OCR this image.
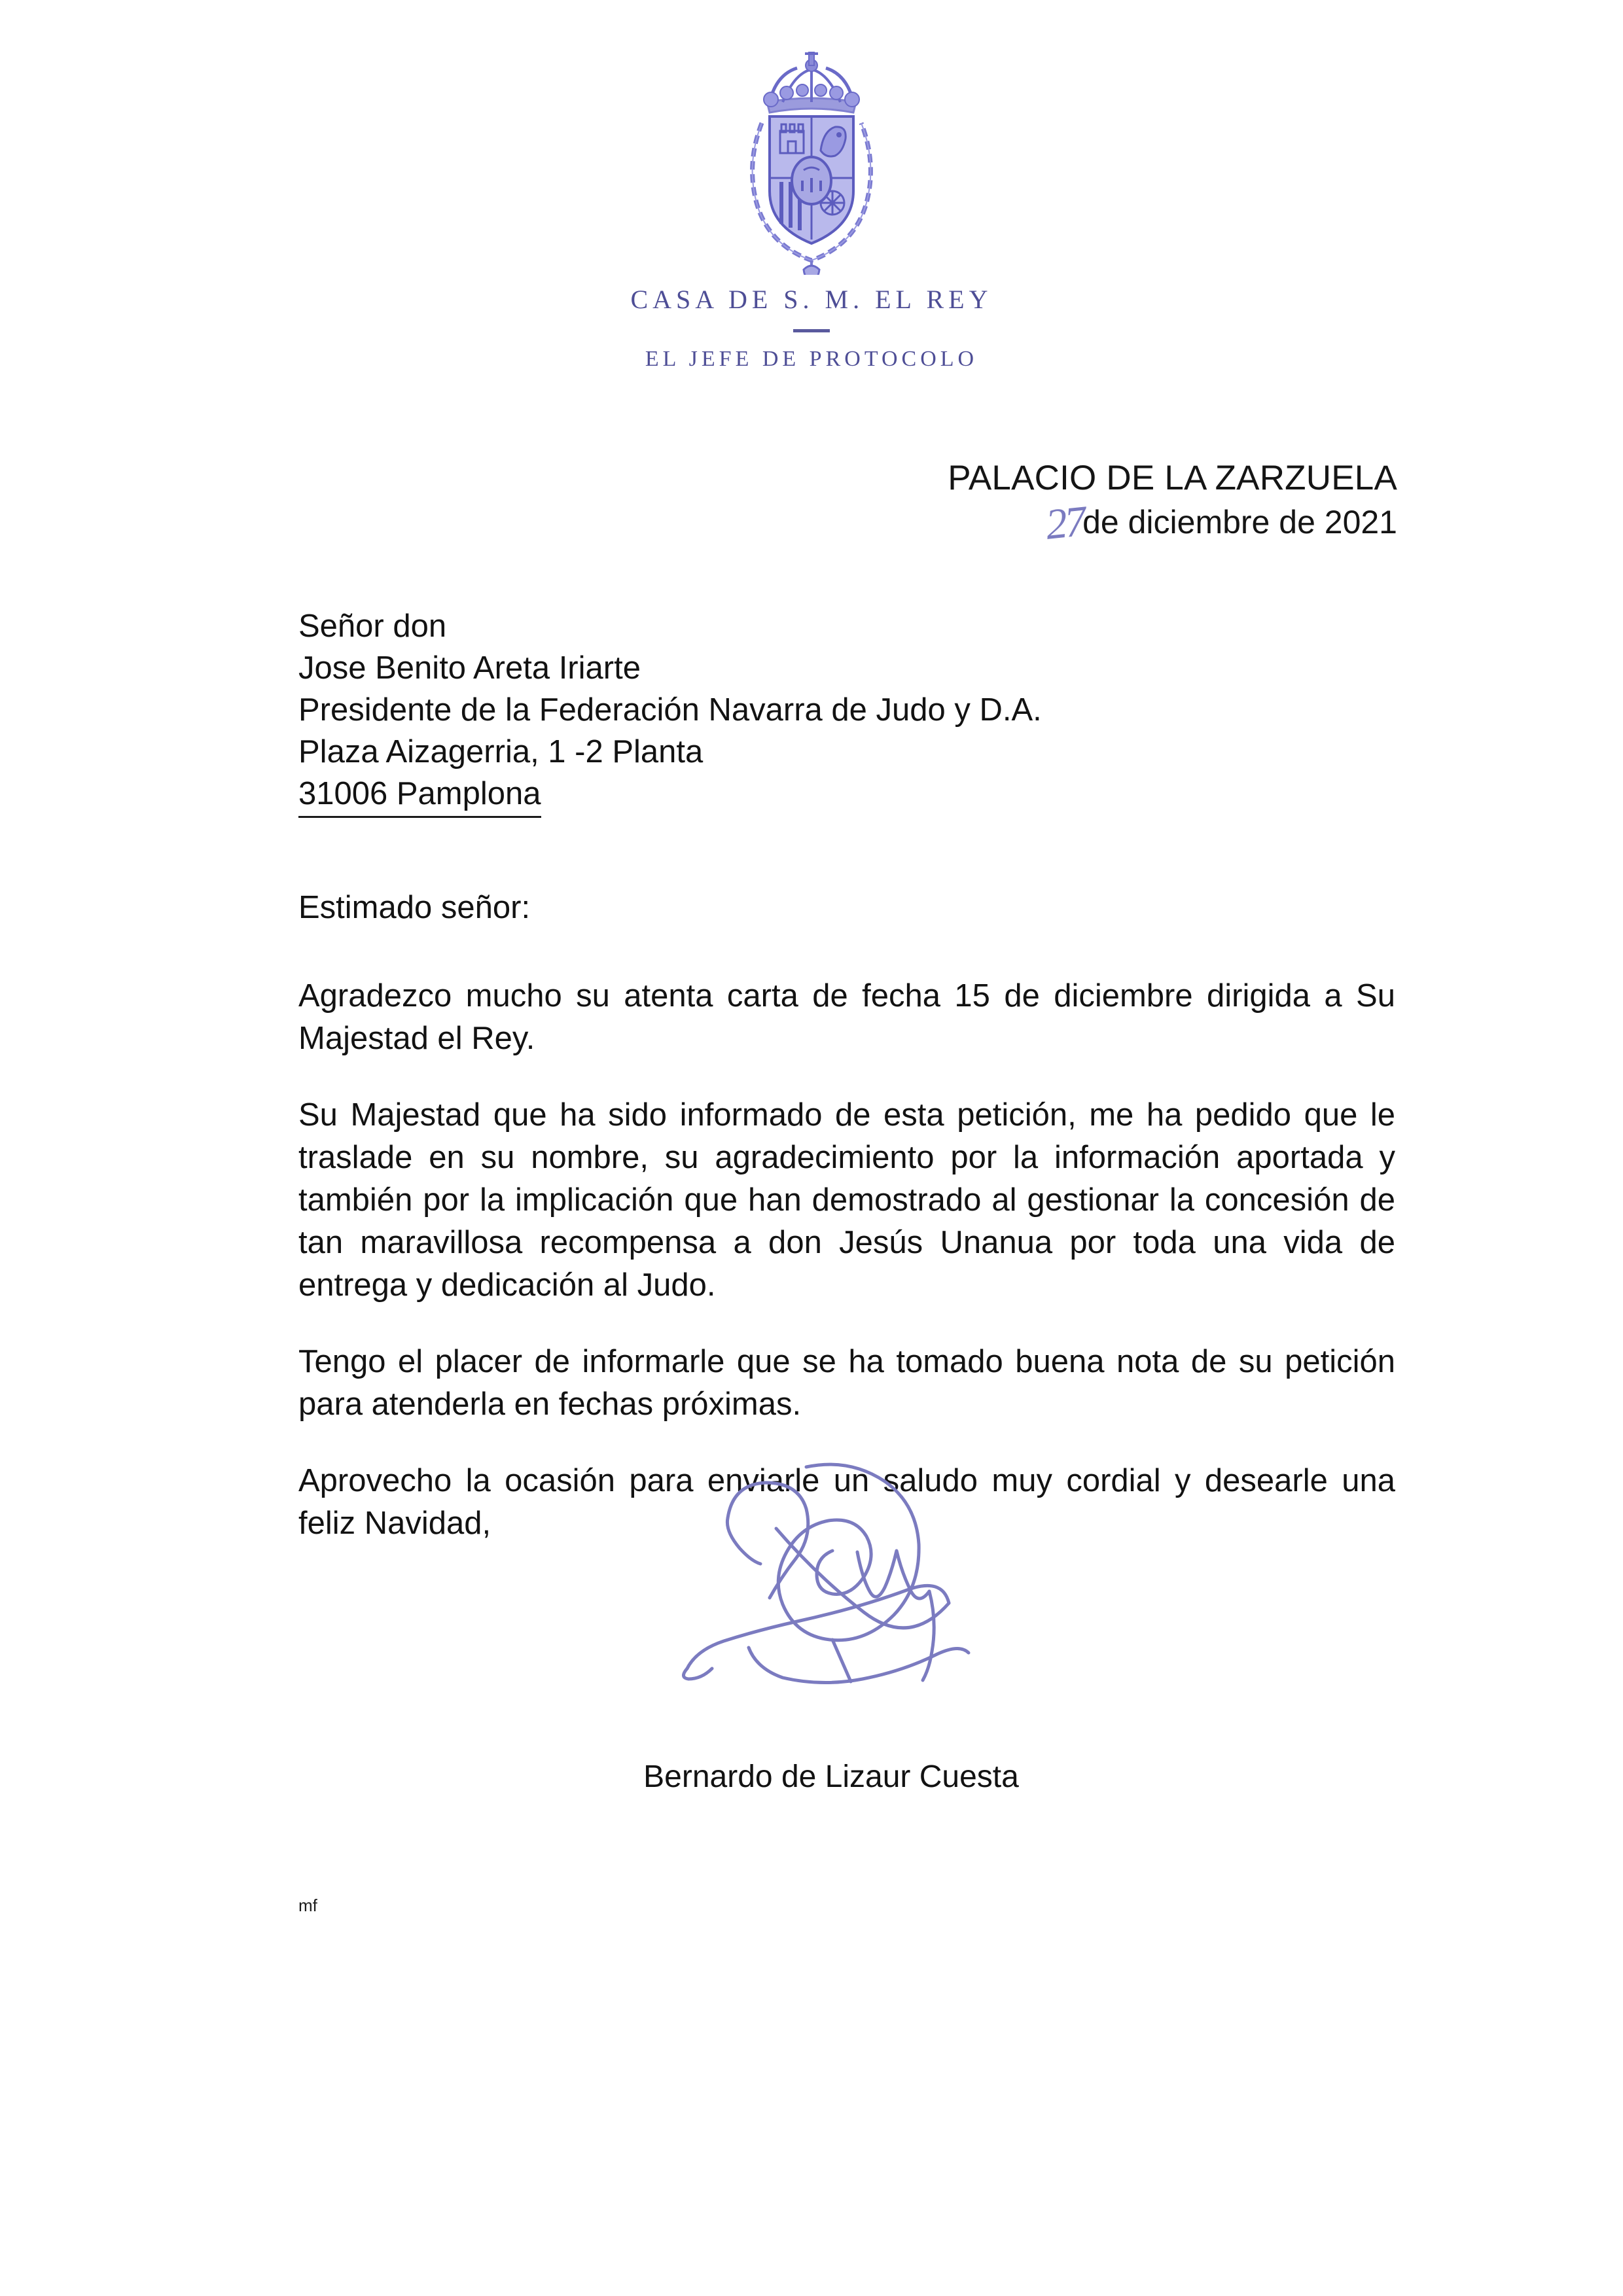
CASA DE S. M. EL REY
EL JEFE DE PROTOCOLO
PALACIO DE LA ZARZUELA
27de diciembre de 2021
Señor don
Jose Benito Areta Iriarte
Presidente de la Federación Navarra de Judo y D.A.
Plaza Aizagerria, 1 -2 Planta
31006 Pamplona

Estimado señor:

Agradezco mucho su atenta carta de fecha 15 de diciembre dirigida a Su Majestad el Rey.

Su Majestad que ha sido informado de esta petición, me ha pedido que le traslade en su nombre, su agradecimiento por la información aportada y también por la implicación que han demostrado al gestionar la concesión de tan maravillosa recompensa a don Jesús Unanua por toda una vida de entrega y dedicación al Judo.

Tengo el placer de informarle que se ha tomado buena nota de su petición para atenderla en fechas próximas.

Aprovecho la ocasión para enviarle un saludo muy cordial y desearle una feliz Navidad,

Bernardo de Lizaur Cuesta
mf
